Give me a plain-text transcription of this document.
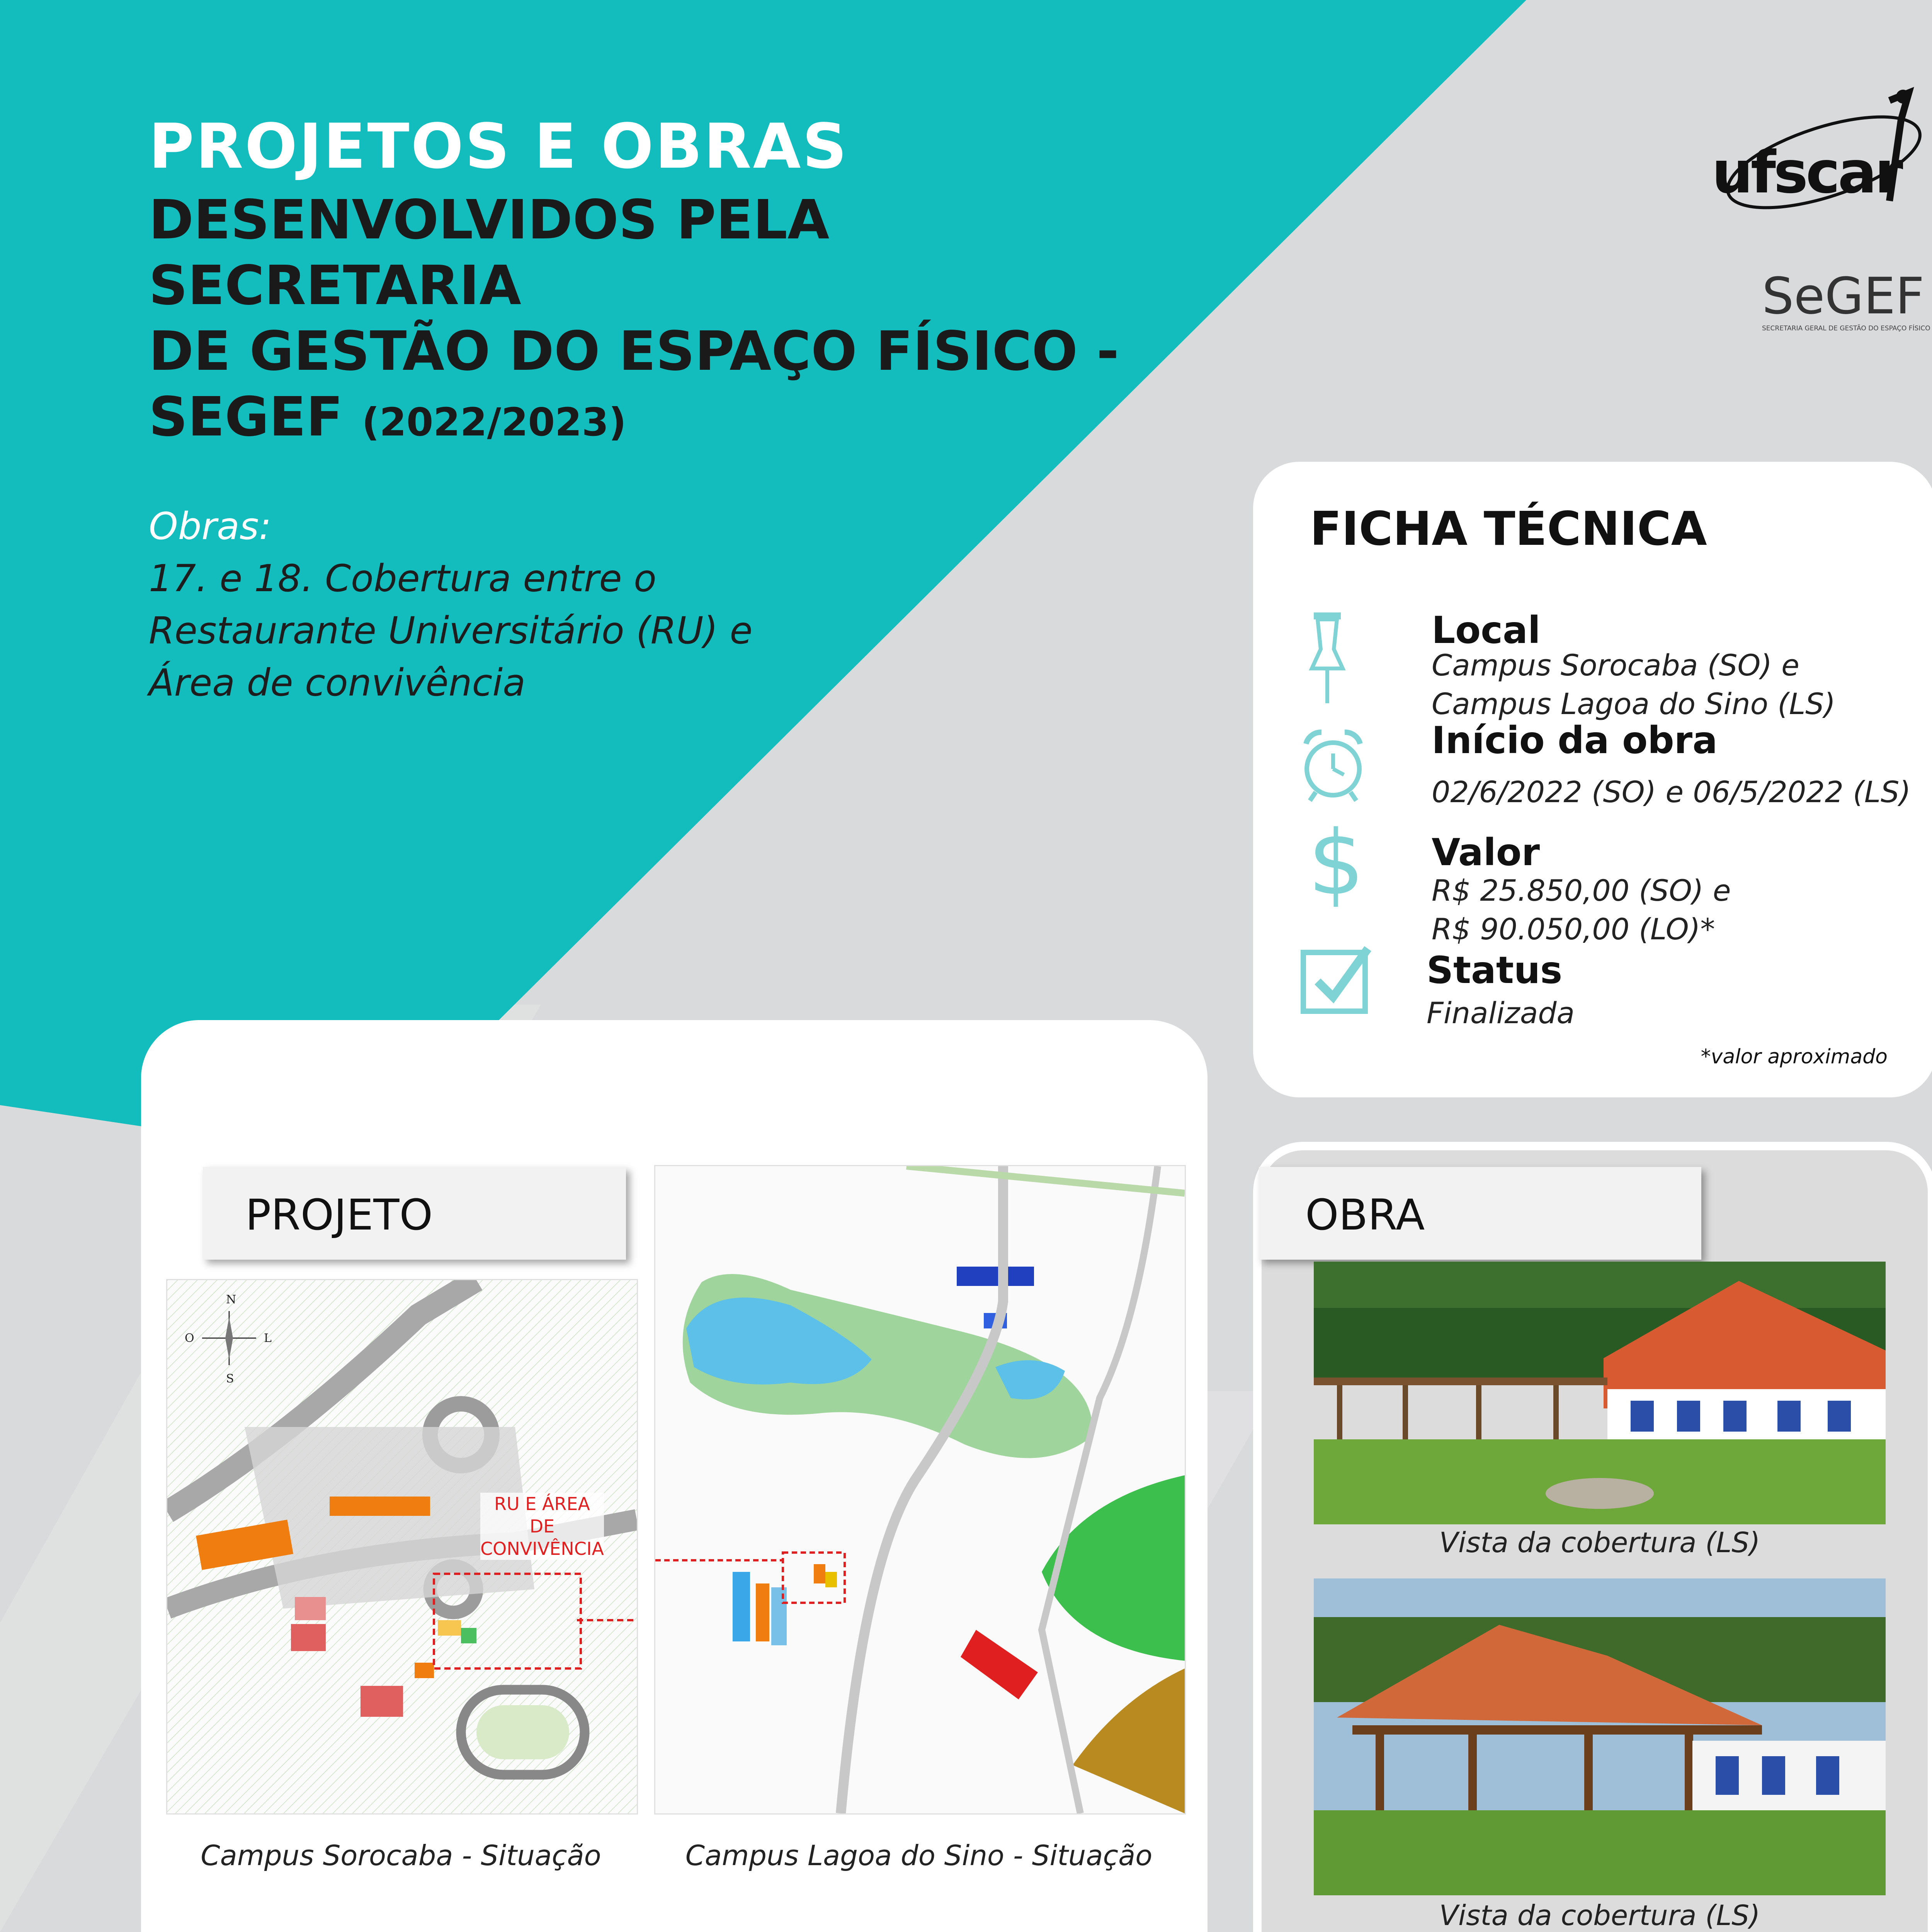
PROJETOS E OBRAS
DESENVOLVIDOS PELA SECRETARIA
DE GESTÃO DO ESPAÇO FÍSICO -
SEGEF (2022/2023)
ufscar
SeGEF
SECRETARIA GERAL DE GESTÃO DO ESPAÇO FÍSICO
Obras:
17. e 18. Cobertura entre o
Restaurante Universitário (RU) e
Área de convivência
FICHA TÉCNICA
Local
Campus Sorocaba (SO) e
Campus Lagoa do Sino (LS)
Início da obra
02/6/2022 (SO) e 06/5/2022 (LS)
$ Valor
R$ 25.850,00 (SO) e
R$ 90.050,00 (LO)*
Status
Finalizada
*valor aproximado
PROJETO
N
S
O	L
RU E ÁREA DE CONVIVÊNCIA
Campus Sorocaba - Situação	Campus Lagoa do Sino - Situação
OBRA
Vista da cobertura (LS)
Vista da cobertura (LS)
